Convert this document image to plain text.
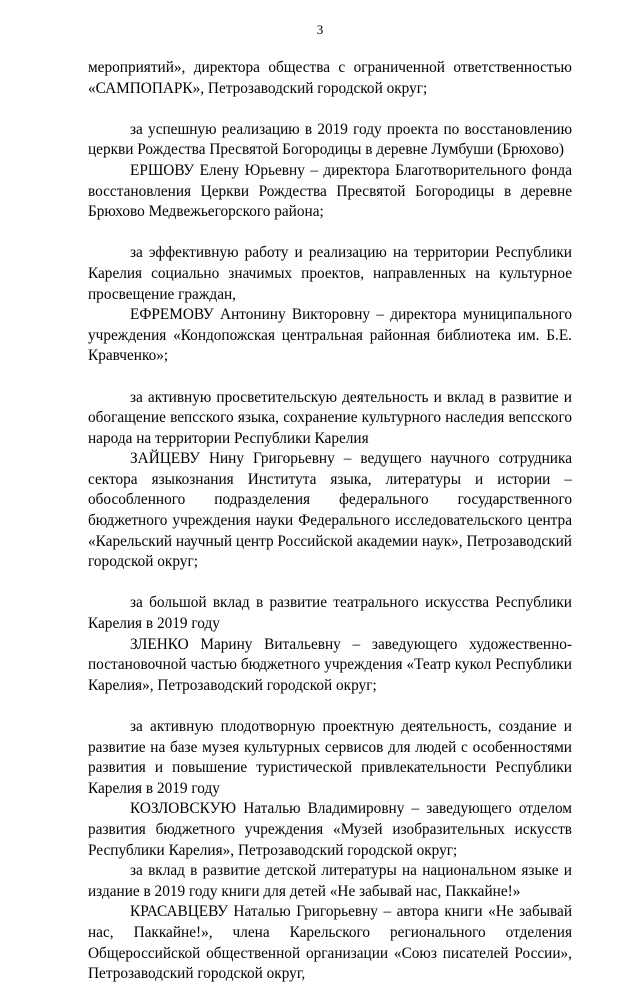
3

мероприятий», директора общества с ограниченной ответственностью «САМПОПАРК», Петрозаводский городской округ;

за успешную реализацию в 2019 году проекта по восстановлению церкви Рождества Пресвятой Богородицы в деревне Лумбуши (Брюхово)

ЕРШОВУ Елену Юрьевну – директора Благотворительного фонда восстановления Церкви Рождества Пресвятой Богородицы в деревне Брюхово Медвежьегорского района;

за эффективную работу и реализацию на территории Республики Карелия социально значимых проектов, направленных на культурное просвещение граждан,

ЕФРЕМОВУ Антонину Викторовну – директора муниципального учреждения «Кондопожская центральная районная библиотека им. Б.Е. Кравченко»;

за активную просветительскую деятельность и вклад в развитие и обогащение вепсского языка, сохранение культурного наследия вепсского народа на территории Республики Карелия

ЗАЙЦЕВУ Нину Григорьевну – ведущего научного сотрудника сектора языкознания Института языка, литературы и истории – обособленного подразделения федерального государственного бюджетного учреждения науки Федерального исследовательского центра «Карельский научный центр Российской академии наук», Петрозаводский городской округ;

за большой вклад в развитие театрального искусства Республики Карелия в 2019 году

ЗЛЕНКО Марину Витальевну – заведующего художественно-постановочной частью бюджетного учреждения «Театр кукол Республики Карелия», Петрозаводский городской округ;

за активную плодотворную проектную деятельность, создание и развитие на базе музея культурных сервисов для людей с особенностями развития и повышение туристической привлекательности Республики Карелия в 2019 году

КОЗЛОВСКУЮ Наталью Владимировну – заведующего отделом развития бюджетного учреждения «Музей изобразительных искусств Республики Карелия», Петрозаводский городской округ;

за вклад в развитие детской литературы на национальном языке и издание в 2019 году книги для детей «Не забывай нас, Паккайне!»

КРАСАВЦЕВУ Наталью Григорьевну – автора книги «Не забывай нас, Паккайне!», члена Карельского регионального отделения Общероссийской общественной организации «Союз писателей России», Петрозаводский городской округ,
